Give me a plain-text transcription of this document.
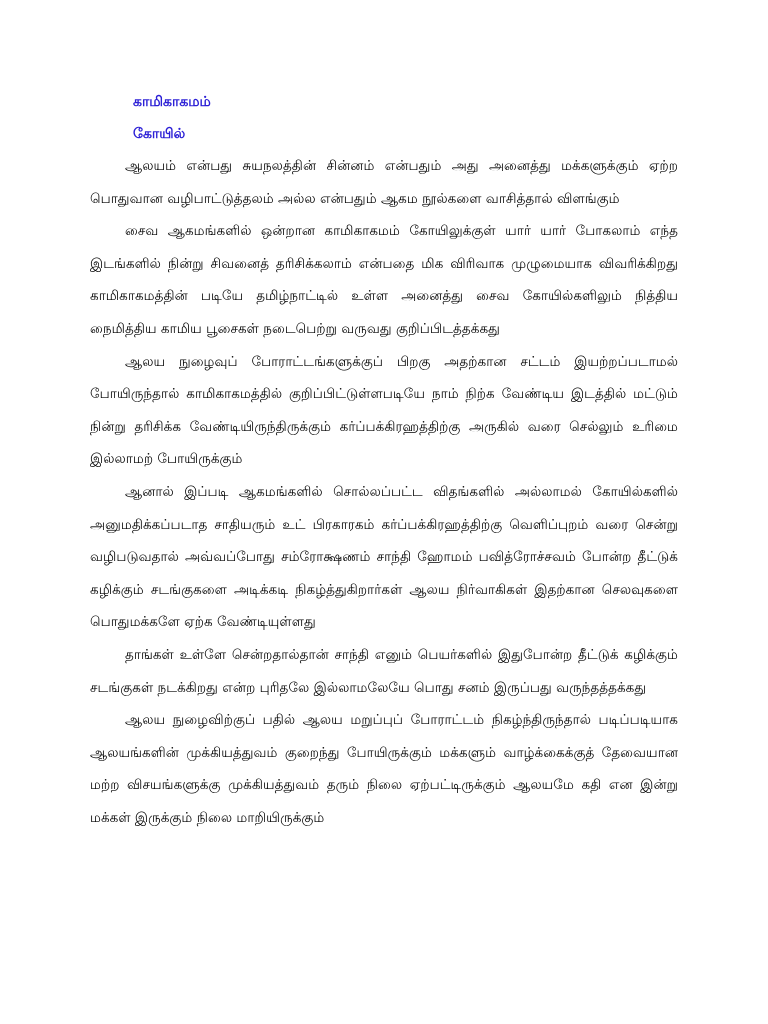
காமிகாகமம்
கோயில்

ஆலயம் என்பது சுயநலத்தின் சின்னம் என்பதும் அது அனைத்து மக்களுக்கும் ஏற்ற பொதுவான வழிபாட்டுத்தலம் அல்ல என்பதும் ஆகம நூல்களை வாசித்தால் விளங்கும்

சைவ ஆகமங்களில் ஒன்றான காமிகாகமம் கோயிலுக்குள் யார் யார் போகலாம் எந்த இடங்களில் நின்று சிவனைத் தரிசிக்கலாம் என்பதை மிக விரிவாக முழுமையாக விவரிக்கிறது காமிகாகமத்தின் படியே தமிழ்நாட்டில் உள்ள அனைத்து சைவ கோயில்களிலும் நித்திய நைமித்திய காமிய பூசைகள் நடைபெற்று வருவது குறிப்பிடத்தக்கது

ஆலய நுழைவுப் போராட்டங்களுக்குப் பிறகு அதற்கான சட்டம் இயற்றப்படாமல் போயிருந்தால் காமிகாகமத்தில் குறிப்பிட்டுள்ளபடியே நாம் நிற்க வேண்டிய இடத்தில் மட்டும் நின்று தரிசிக்க வேண்டியிருந்திருக்கும் கர்ப்பக்கிரஹத்திற்கு அருகில் வரை செல்லும் உரிமை இல்லாமற் போயிருக்கும்

ஆனால் இப்படி ஆகமங்களில் சொல்லப்பட்ட விதங்களில் அல்லாமல் கோயில்களில் அனுமதிக்கப்படாத சாதியரும் உட் பிரகாரகம் கர்ப்பக்கிரஹத்திற்கு வெளிப்புறம் வரை சென்று வழிபடுவதால் அவ்வப்போது சம்ரோக்ஷணம் சாந்தி ஹோமம் பவித்ரோச்சவம் போன்ற தீட்டுக் கழிக்கும் சடங்குகளை அடிக்கடி நிகழ்த்துகிறார்கள் ஆலய நிர்வாகிகள் இதற்கான செலவுகளை பொதுமக்களே ஏற்க வேண்டியுள்ளது

தாங்கள் உள்ளே சென்றதால்தான் சாந்தி எனும் பெயர்களில் இதுபோன்ற தீட்டுக் கழிக்கும் சடங்குகள் நடக்கிறது என்ற புரிதலே இல்லாமலேயே பொது சனம் இருப்பது வருந்தத்தக்கது

ஆலய நுழைவிற்குப் பதில் ஆலய மறுப்புப் போராட்டம் நிகழ்ந்திருந்தால் படிப்படியாக ஆலயங்களின் முக்கியத்துவம் குறைந்து போயிருக்கும் மக்களும் வாழ்க்கைக்குத் தேவையான மற்ற விசயங்களுக்கு முக்கியத்துவம் தரும் நிலை ஏற்பட்டிருக்கும் ஆலயமே கதி என இன்று மக்கள் இருக்கும் நிலை மாறியிருக்கும்
